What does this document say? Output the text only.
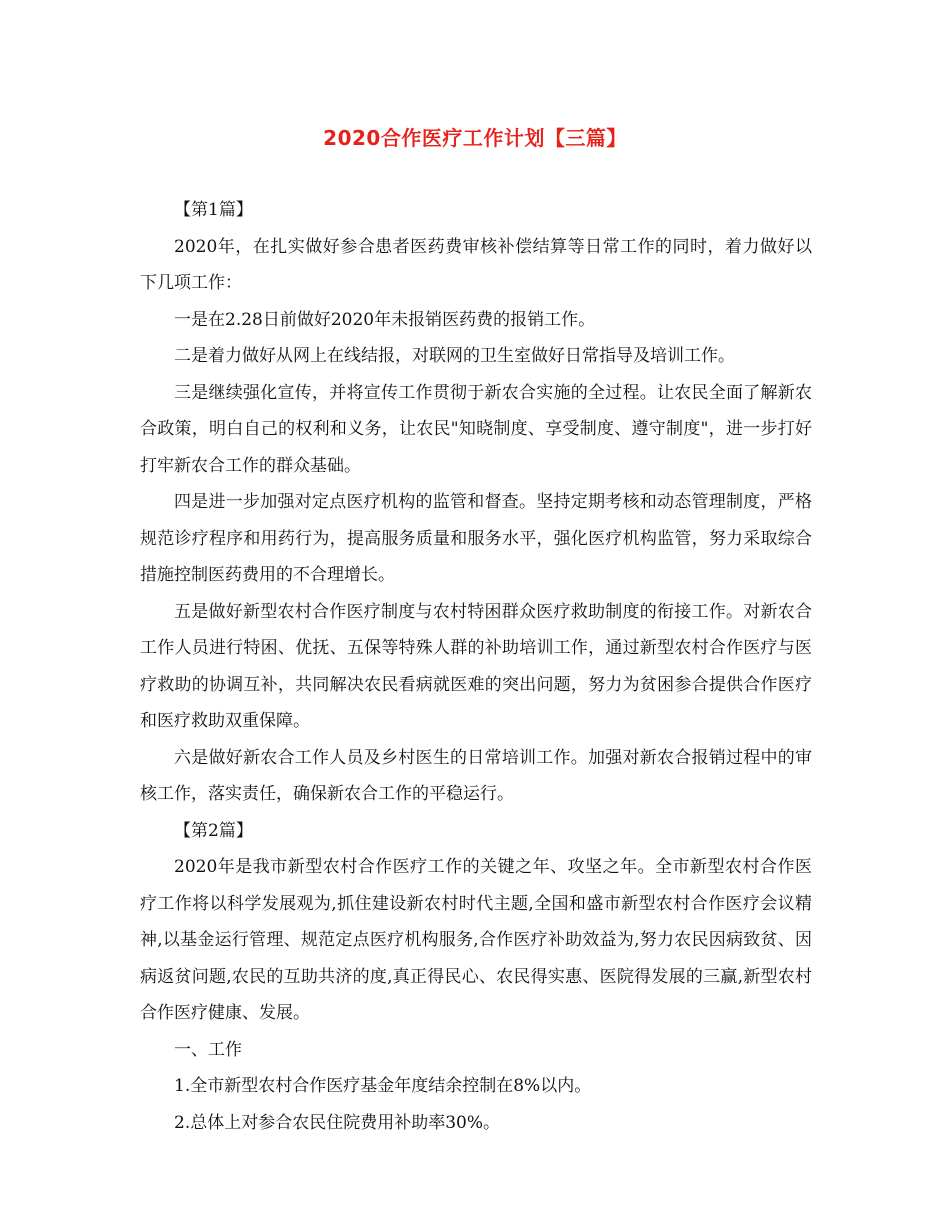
2020合作医疗工作计划【三篇】

【第1篇】

2020年，在扎实做好参合患者医药费审核补偿结算等日常工作的同时，着力做好以下几项工作：

一是在2.28日前做好2020年未报销医药费的报销工作。

二是着力做好从网上在线结报，对联网的卫生室做好日常指导及培训工作。

三是继续强化宣传，并将宣传工作贯彻于新农合实施的全过程。让农民全面了解新农合政策，明白自己的权利和义务，让农民"知晓制度、享受制度、遵守制度"，进一步打好打牢新农合工作的群众基础。

四是进一步加强对定点医疗机构的监管和督查。坚持定期考核和动态管理制度，严格规范诊疗程序和用药行为，提高服务质量和服务水平，强化医疗机构监管，努力采取综合措施控制医药费用的不合理增长。

五是做好新型农村合作医疗制度与农村特困群众医疗救助制度的衔接工作。对新农合工作人员进行特困、优抚、五保等特殊人群的补助培训工作，通过新型农村合作医疗与医疗救助的协调互补，共同解决农民看病就医难的突出问题，努力为贫困参合提供合作医疗和医疗救助双重保障。

六是做好新农合工作人员及乡村医生的日常培训工作。加强对新农合报销过程中的审核工作，落实责任，确保新农合工作的平稳运行。

【第2篇】

2020年是我市新型农村合作医疗工作的关键之年、攻坚之年。全市新型农村合作医疗工作将以科学发展观为,抓住建设新农村时代主题,全国和盛市新型农村合作医疗会议精神,以基金运行管理、规范定点医疗机构服务,合作医疗补助效益为,努力农民因病致贫、因病返贫问题,农民的互助共济的度,真正得民心、农民得实惠、医院得发展的三赢,新型农村合作医疗健康、发展。

一、工作

1.全市新型农村合作医疗基金年度结余控制在8%以内。

2.总体上对参合农民住院费用补助率30%。
